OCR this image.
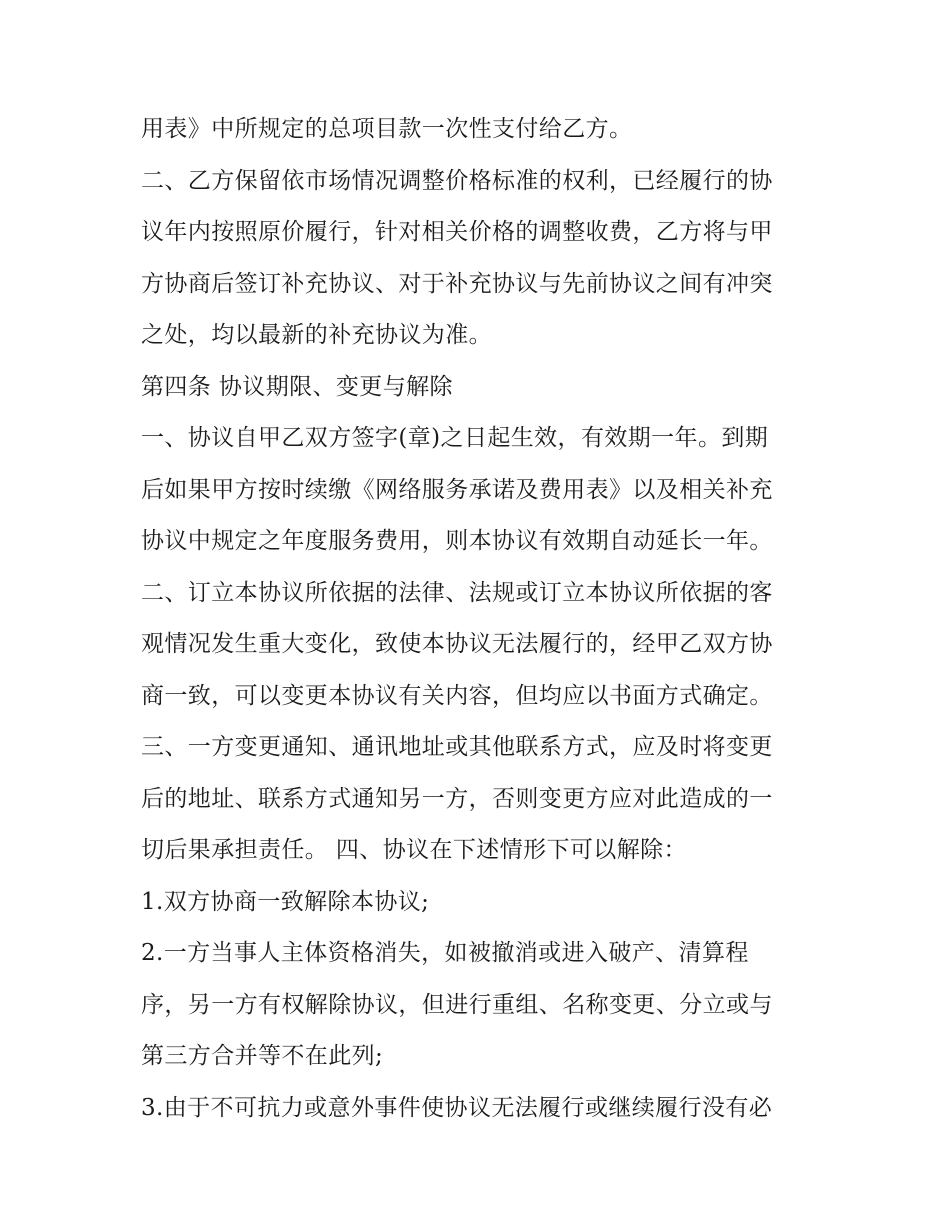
用表》中所规定的总项目款一次性支付给乙方。
二、乙方保留依市场情况调整价格标准的权利，已经履行的协
议年内按照原价履行，针对相关价格的调整收费，乙方将与甲
方协商后签订补充协议、对于补充协议与先前协议之间有冲突
之处，均以最新的补充协议为准。
第四条 协议期限、变更与解除
一、协议自甲乙双方签字(章)之日起生效，有效期一年。到期
后如果甲方按时续缴《网络服务承诺及费用表》以及相关补充
协议中规定之年度服务费用，则本协议有效期自动延长一年。
二、订立本协议所依据的法律、法规或订立本协议所依据的客
观情况发生重大变化，致使本协议无法履行的，经甲乙双方协
商一致，可以变更本协议有关内容，但均应以书面方式确定。
三、一方变更通知、通讯地址或其他联系方式，应及时将变更
后的地址、联系方式通知另一方，否则变更方应对此造成的一
切后果承担责任。 四、协议在下述情形下可以解除：
1.双方协商一致解除本协议;
2.一方当事人主体资格消失，如被撤消或进入破产、清算程
序，另一方有权解除协议，但进行重组、名称变更、分立或与
第三方合并等不在此列;
3.由于不可抗力或意外事件使协议无法履行或继续履行没有必
